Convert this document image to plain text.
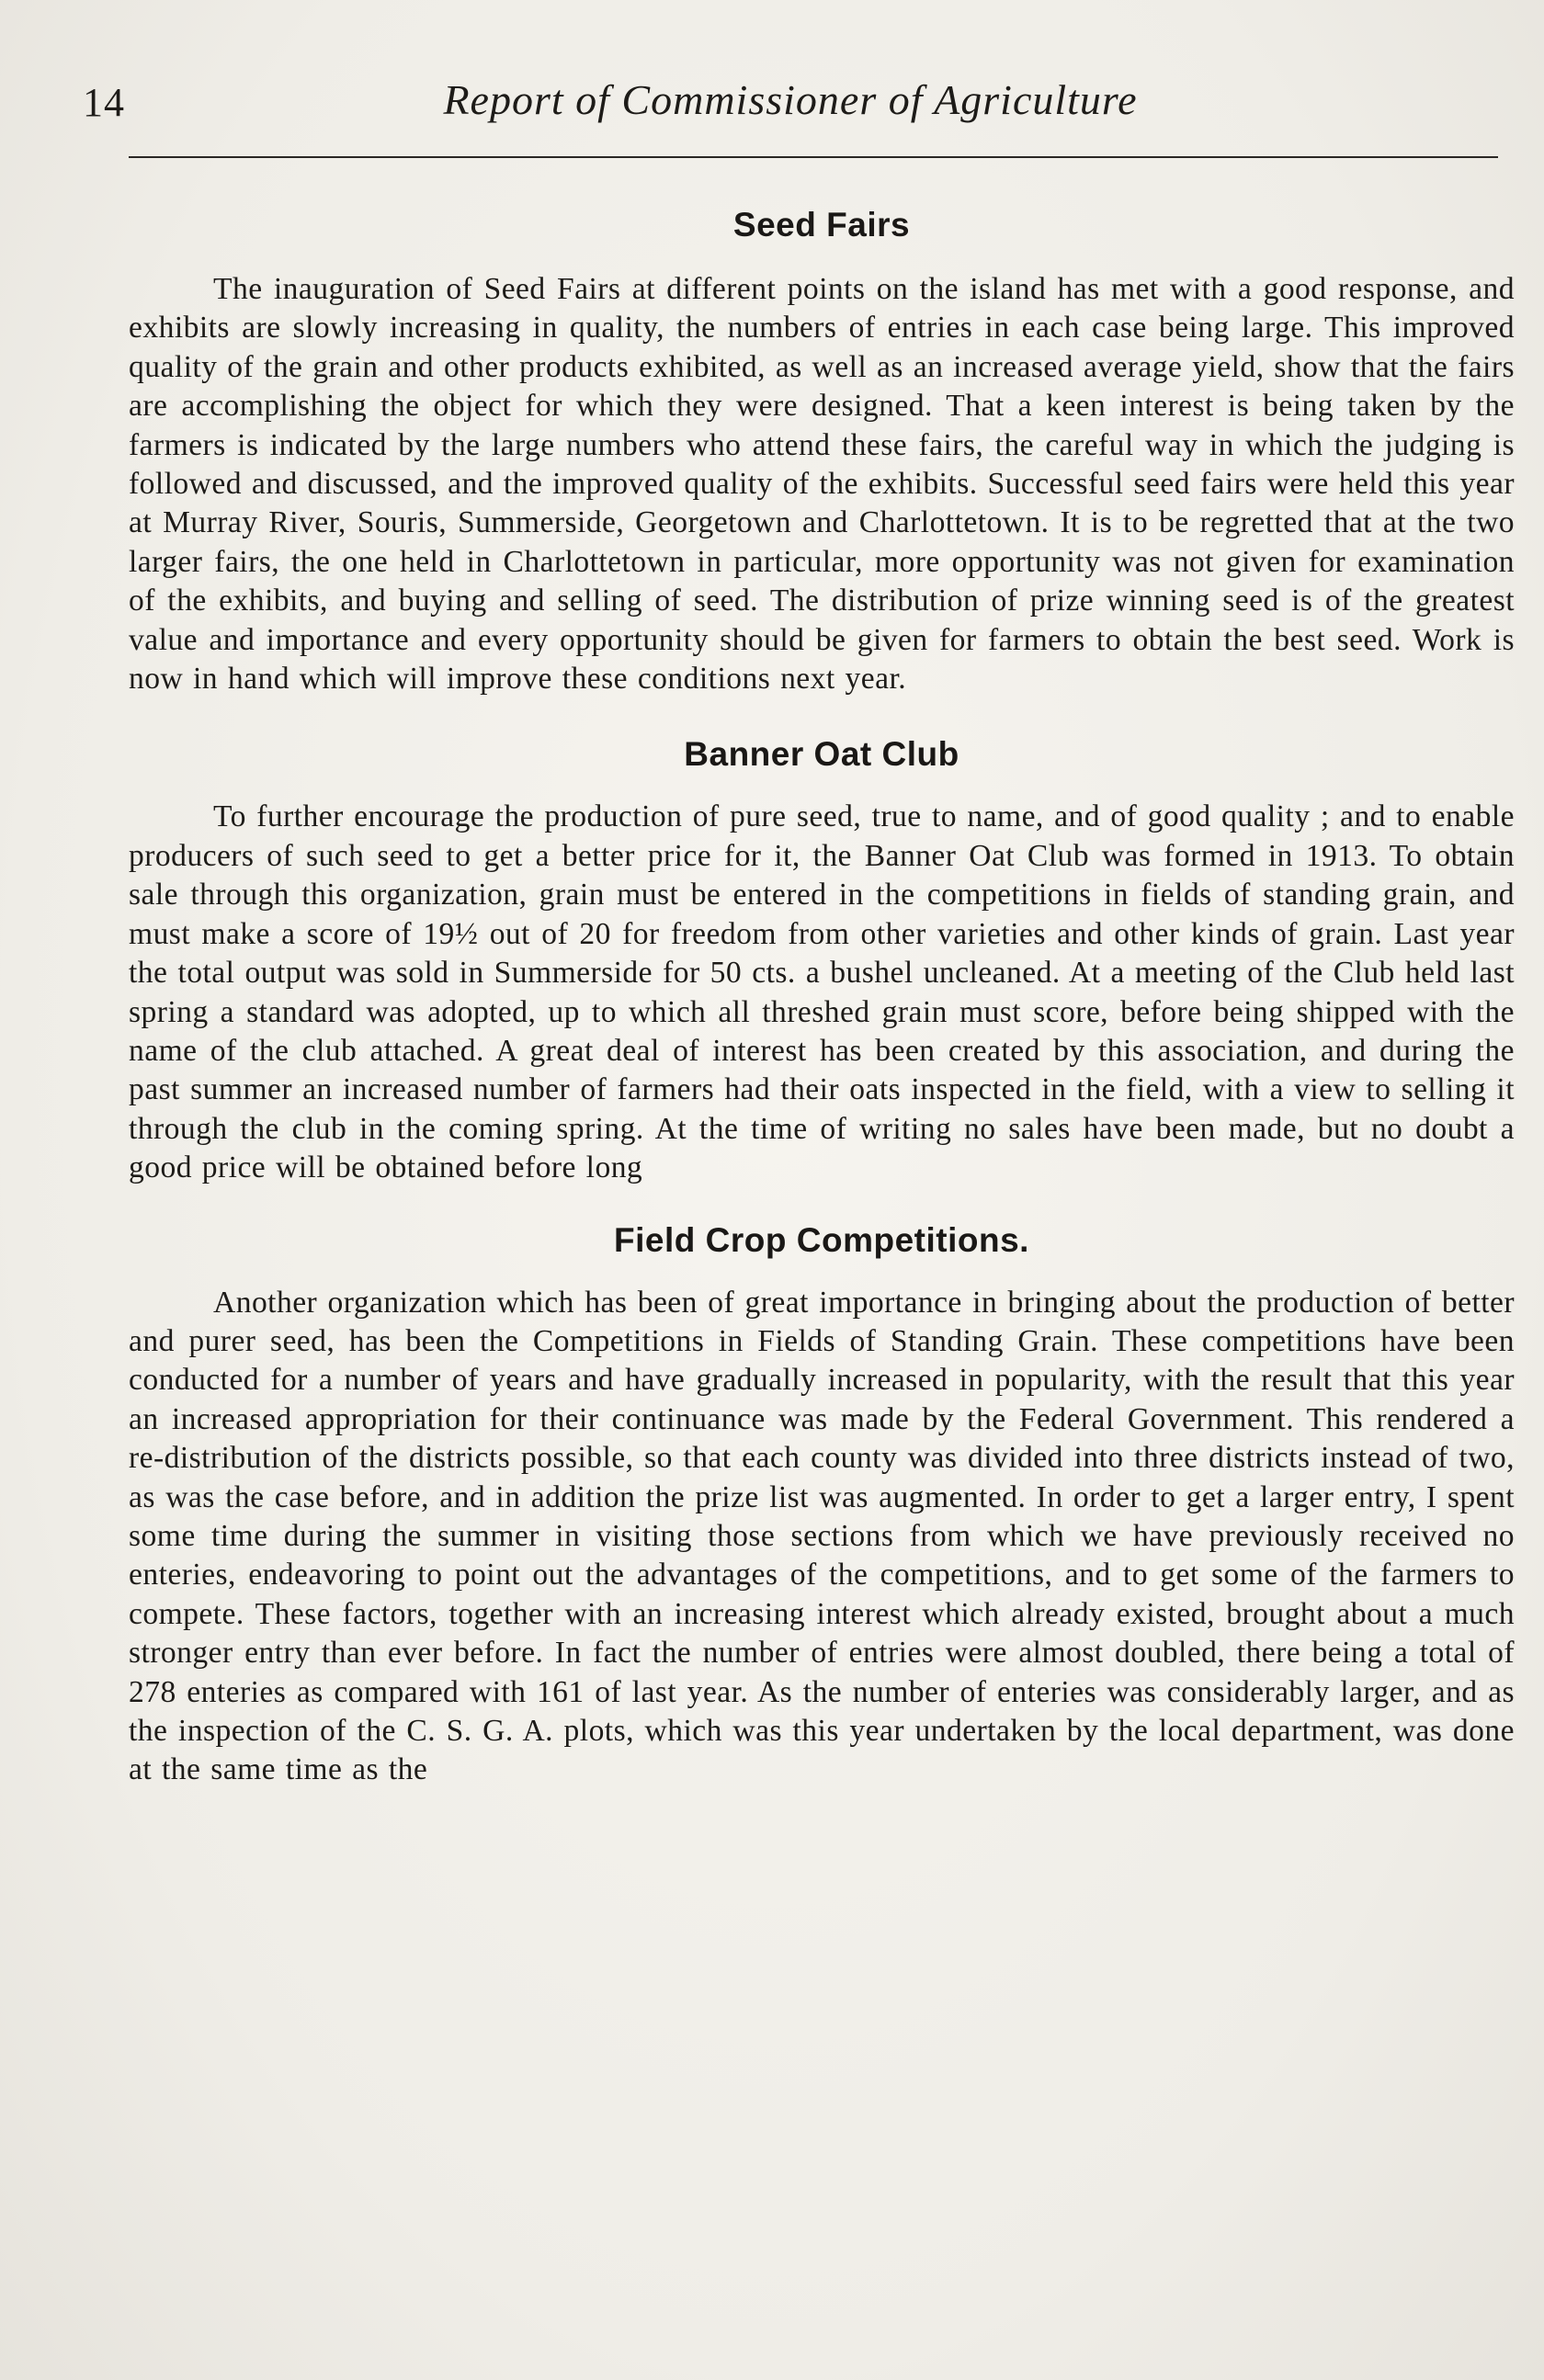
14	Report of Commissioner of Agriculture
Seed Fairs

The inauguration of Seed Fairs at different points on the island has met with a good response, and exhibits are slowly increasing in quality, the numbers of entries in each case being large. This improved quality of the grain and other products exhibited, as well as an increased average yield, show that the fairs are accomplishing the object for which they were designed. That a keen interest is being taken by the farmers is indicated by the large numbers who attend these fairs, the careful way in which the judging is followed and discussed, and the improved quality of the exhibits. Successful seed fairs were held this year at Murray River, Souris, Summerside, Georgetown and Charlottetown. It is to be regretted that at the two larger fairs, the one held in Charlottetown in particular, more opportunity was not given for examination of the exhibits, and buying and selling of seed. The distribution of prize winning seed is of the greatest value and importance and every opportunity should be given for farmers to obtain the best seed. Work is now in hand which will improve these conditions next year.

Banner Oat Club

To further encourage the production of pure seed, true to name, and of good quality ; and to enable producers of such seed to get a better price for it, the Banner Oat Club was formed in 1913. To obtain sale through this organization, grain must be entered in the competitions in fields of standing grain, and must make a score of 19½ out of 20 for freedom from other varieties and other kinds of grain. Last year the total output was sold in Summerside for 50 cts. a bushel uncleaned. At a meeting of the Club held last spring a standard was adopted, up to which all threshed grain must score, before being shipped with the name of the club attached. A great deal of interest has been created by this association, and during the past summer an increased number of farmers had their oats inspected in the field, with a view to selling it through the club in the coming spring. At the time of writing no sales have been made, but no doubt a good price will be obtained before long

Field Crop Competitions.

Another organization which has been of great importance in bringing about the production of better and purer seed, has been the Competitions in Fields of Standing Grain. These competitions have been conducted for a number of years and have gradually increased in popularity, with the result that this year an increased appropriation for their continuance was made by the Federal Government. This rendered a re-distribution of the districts possible, so that each county was divided into three districts instead of two, as was the case before, and in addition the prize list was augmented. In order to get a larger entry, I spent some time during the summer in visiting those sections from which we have previously received no enteries, endeavoring to point out the advantages of the competitions, and to get some of the farmers to compete. These factors, together with an increasing interest which already existed, brought about a much stronger entry than ever before. In fact the number of entries were almost doubled, there being a total of 278 enteries as compared with 161 of last year. As the number of enteries was considerably larger, and as the inspection of the C. S. G. A. plots, which was this year undertaken by the local department, was done at the same time as the
